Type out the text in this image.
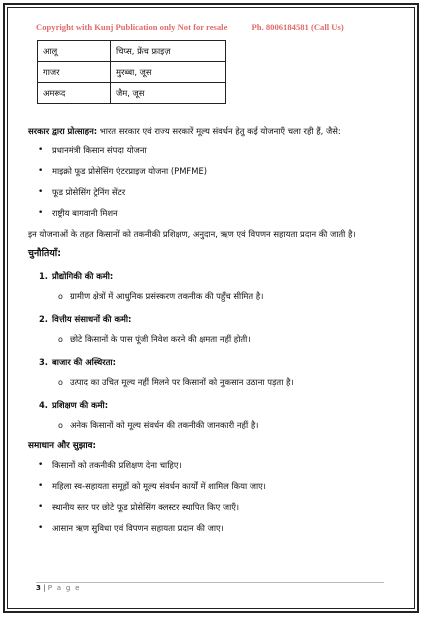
Copyright with Kunj Publication only Not for resale	Ph. 8006184581 (Call Us)
आलू	चिप्स, फ्रेंच फ्राइज़
गाजर	मुरब्बा, जूस
अमरूद	जैम, जूस

सरकार द्वारा प्रोत्साहन: भारत सरकार एवं राज्य सरकारें मूल्य संवर्धन हेतु कई योजनाएँ चला रही हैं, जैसे:

• प्रधानमंत्री किसान संपदा योजना
• माइक्रो फूड प्रोसेसिंग एंटरप्राइज योजना (PMFME)
• फूड प्रोसेसिंग ट्रेनिंग सेंटर
• राष्ट्रीय बागवानी मिशन

इन योजनाओं के तहत किसानों को तकनीकी प्रशिक्षण, अनुदान, ऋण एवं विपणन सहायता प्रदान की जाती है।

चुनौतियाँ:
1. प्रौद्योगिकी की कमी:
o ग्रामीण क्षेत्रों में आधुनिक प्रसंस्करण तकनीक की पहुँच सीमित है।
2. वित्तीय संसाधनों की कमी:
o छोटे किसानों के पास पूंजी निवेश करने की क्षमता नहीं होती।
3. बाजार की अस्थिरता:
o उत्पाद का उचित मूल्य नहीं मिलने पर किसानों को नुकसान उठाना पड़ता है।
4. प्रशिक्षण की कमी:
o अनेक किसानों को मूल्य संवर्धन की तकनीकी जानकारी नहीं है।
समाधान और सुझाव:
• किसानों को तकनीकी प्रशिक्षण देना चाहिए।
• महिला स्व-सहायता समूहों को मूल्य संवर्धन कार्यों में शामिल किया जाए।
• स्थानीय स्तर पर छोटे फूड प्रोसेसिंग क्लस्टर स्थापित किए जाएँ।
• आसान ऋण सुविधा एवं विपणन सहायता प्रदान की जाए।
3 | P a g e
